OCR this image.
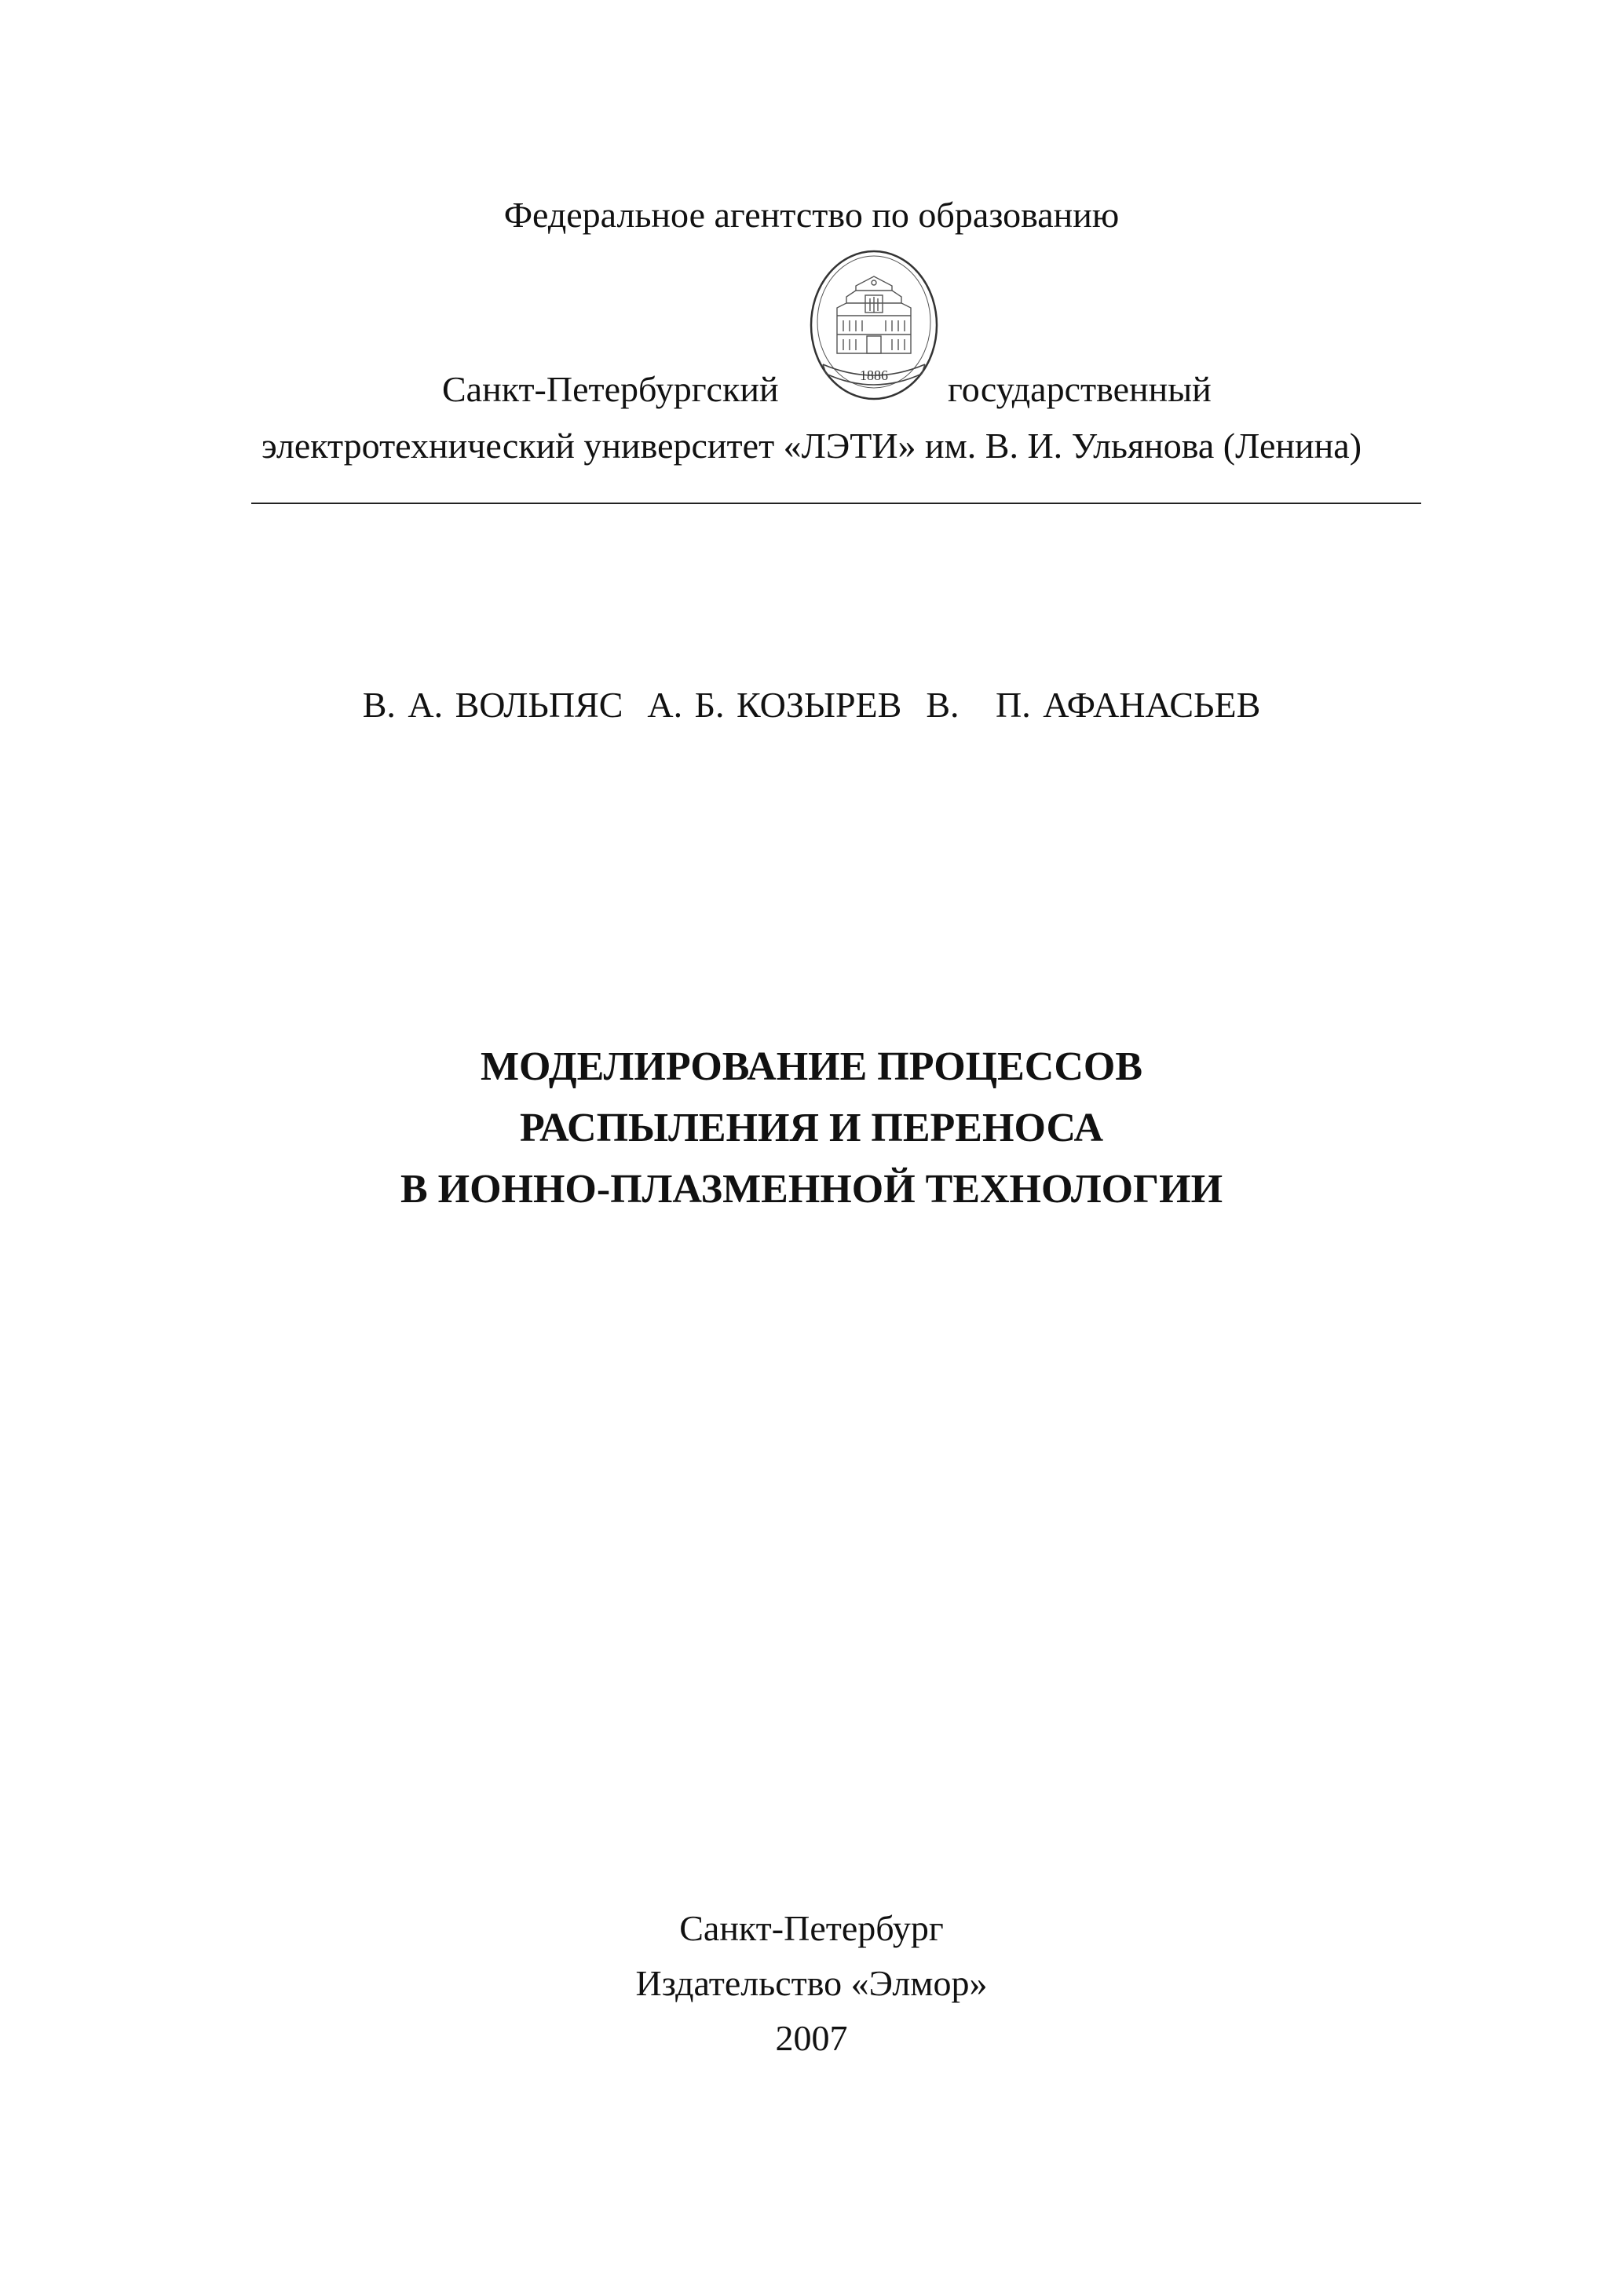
Федеральное агентство по образованию
1886
Санкт-Петербургский	государственный
электротехнический университет «ЛЭТИ» им. В. И. Ульянова (Ленина)
В. А. ВОЛЬПЯС  А. Б. КОЗЫРЕВ  В.   П. АФАНАСЬЕВ
МОДЕЛИРОВАНИЕ ПРОЦЕССОВ
РАСПЫЛЕНИЯ И ПЕРЕНОСА
В ИОННО-ПЛАЗМЕННОЙ ТЕХНОЛОГИИ
Санкт-Петербург
Издательство «Элмор»
2007
